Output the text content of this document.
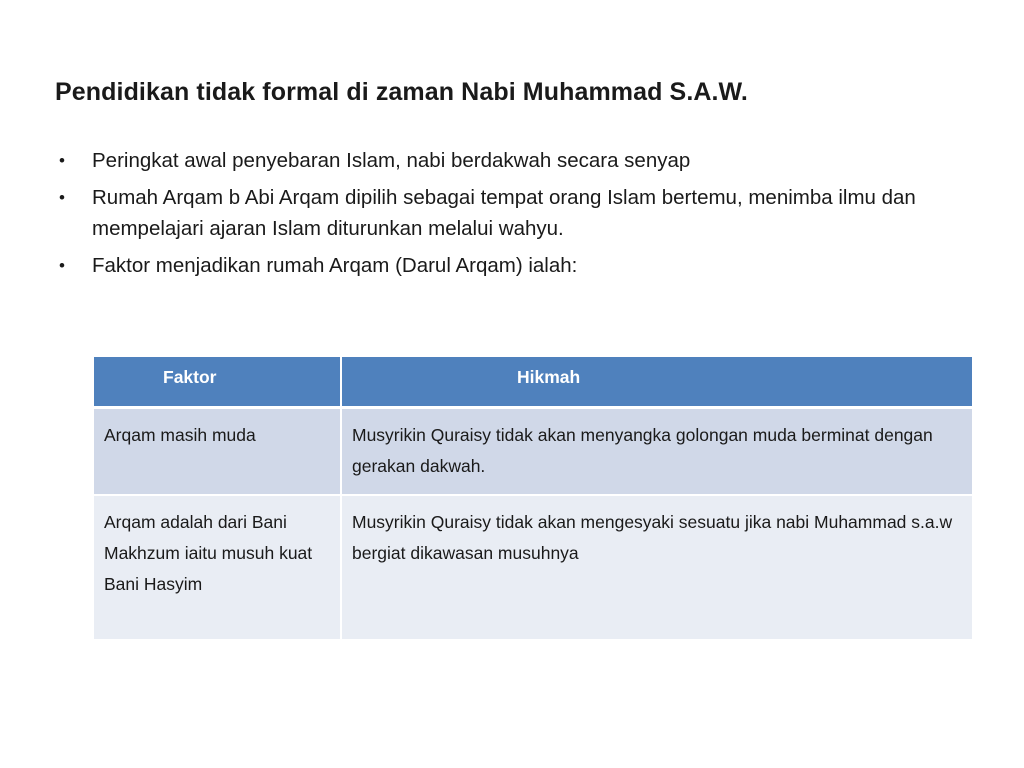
Pendidikan tidak formal di zaman Nabi Muhammad S.A.W.
• Peringkat awal penyebaran Islam, nabi berdakwah secara senyap
• Rumah Arqam b Abi Arqam dipilih sebagai tempat orang Islam bertemu, menimba ilmu dan mempelajari ajaran Islam diturunkan melalui wahyu.
• Faktor menjadikan rumah Arqam (Darul Arqam) ialah:
Faktor	Hikmah
Arqam masih muda	Musyrikin Quraisy tidak akan menyangka golongan muda berminat dengan gerakan dakwah.
Arqam adalah dari Bani Makhzum iaitu musuh kuat Bani Hasyim	Musyrikin Quraisy tidak akan mengesyaki sesuatu jika nabi Muhammad s.a.w bergiat dikawasan musuhnya
